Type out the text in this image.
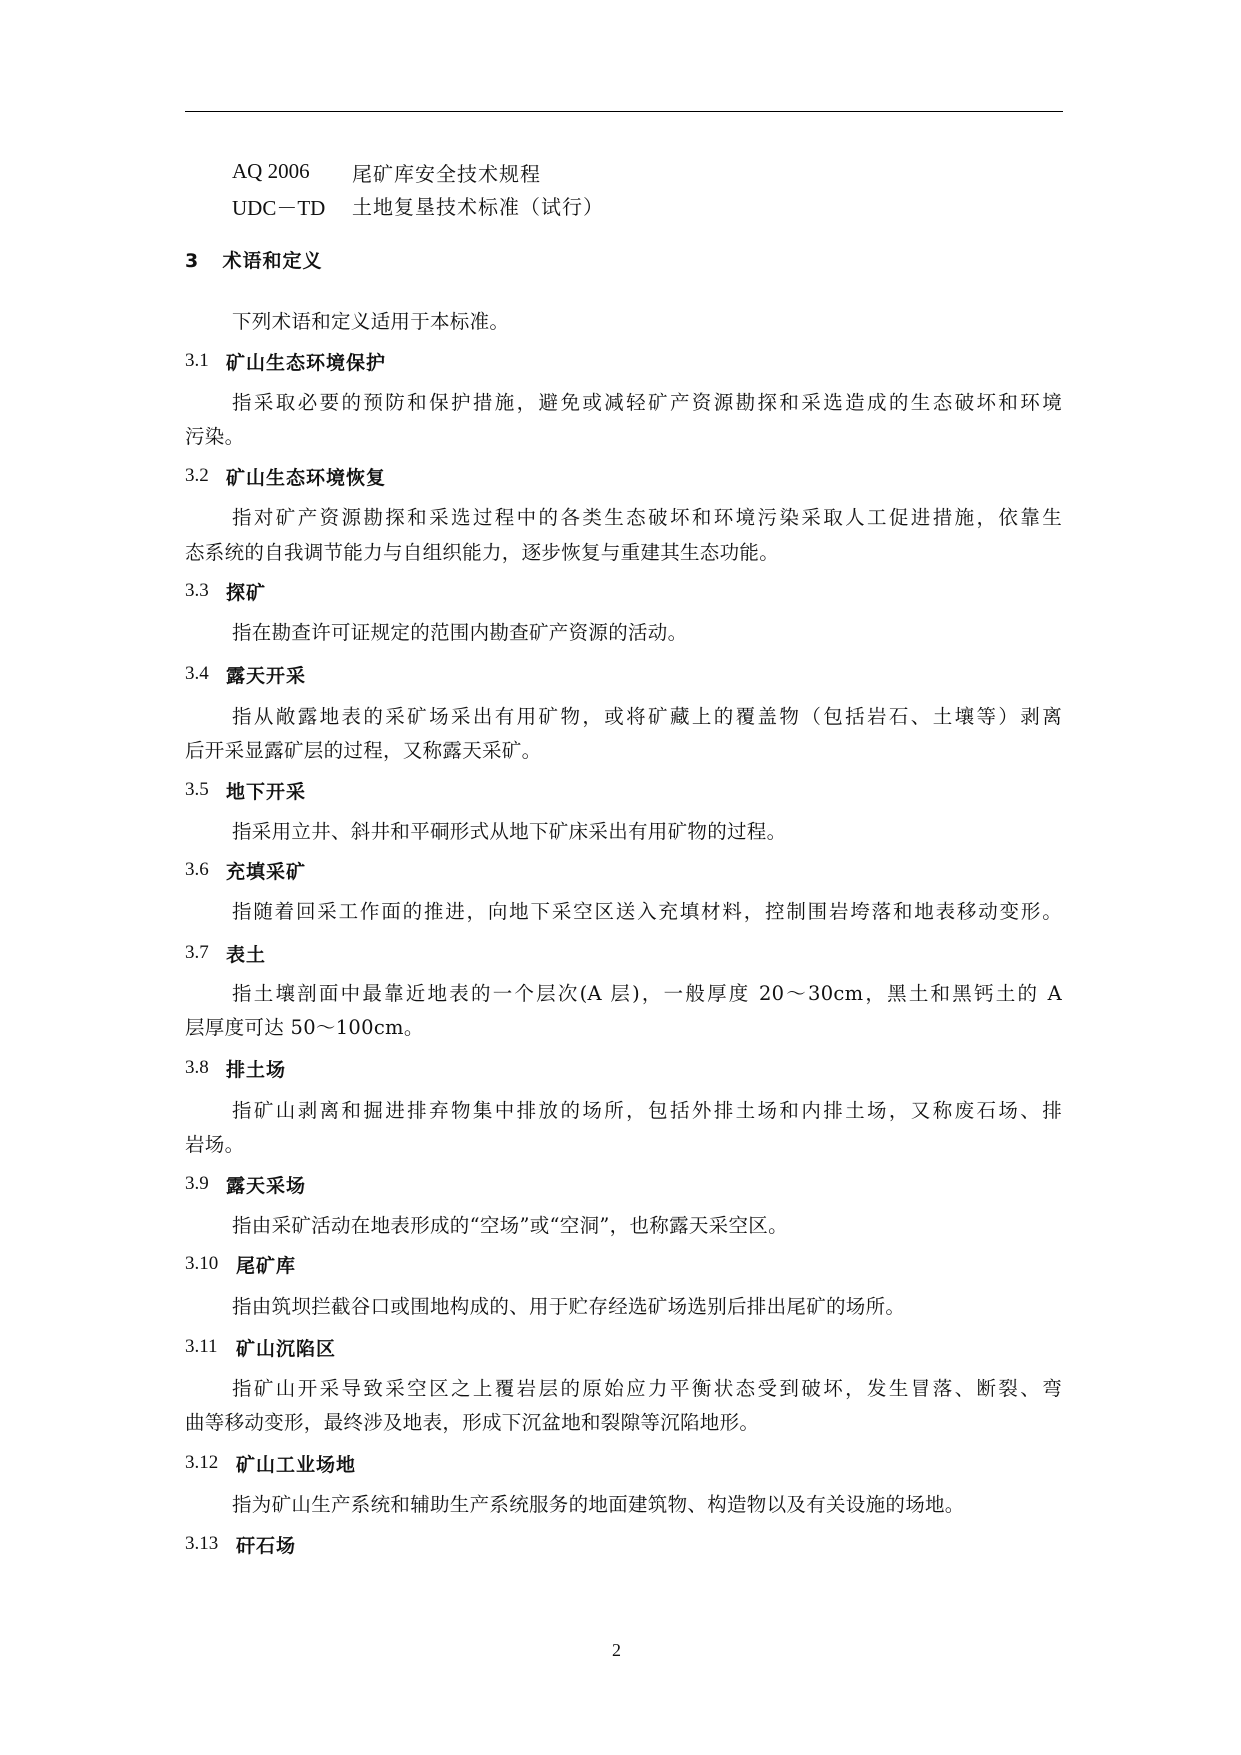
AQ 2006 尾矿库安全技术规程
UDC－TD 土地复垦技术标准（试行）
3 术语和定义
下列术语和定义适用于本标准。
3.1 矿山生态环境保护
指采取必要的预防和保护措施，避免或减轻矿产资源勘探和采选造成的生态破坏和环境
污染。
3.2 矿山生态环境恢复
指对矿产资源勘探和采选过程中的各类生态破坏和环境污染采取人工促进措施，依靠生
态系统的自我调节能力与自组织能力，逐步恢复与重建其生态功能。
3.3 探矿
指在勘查许可证规定的范围内勘查矿产资源的活动。
3.4 露天开采
指从敞露地表的采矿场采出有用矿物，或将矿藏上的覆盖物（包括岩石、土壤等）剥离
后开采显露矿层的过程，又称露天采矿。
3.5 地下开采
指采用立井、斜井和平硐形式从地下矿床采出有用矿物的过程。
3.6 充填采矿
指随着回采工作面的推进，向地下采空区送入充填材料，控制围岩垮落和地表移动变形。
3.7 表土
指土壤剖面中最靠近地表的一个层次(A 层)，一般厚度 20～30cm，黑土和黑钙土的 A
层厚度可达 50～100cm。
3.8 排土场
指矿山剥离和掘进排弃物集中排放的场所，包括外排土场和内排土场，又称废石场、排
岩场。
3.9 露天采场
指由采矿活动在地表形成的“空场”或“空洞”，也称露天采空区。
3.10 尾矿库
指由筑坝拦截谷口或围地构成的、用于贮存经选矿场选别后排出尾矿的场所。
3.11 矿山沉陷区
指矿山开采导致采空区之上覆岩层的原始应力平衡状态受到破坏，发生冒落、断裂、弯
曲等移动变形，最终涉及地表，形成下沉盆地和裂隙等沉陷地形。
3.12 矿山工业场地
指为矿山生产系统和辅助生产系统服务的地面建筑物、构造物以及有关设施的场地。
3.13 矸石场
2
